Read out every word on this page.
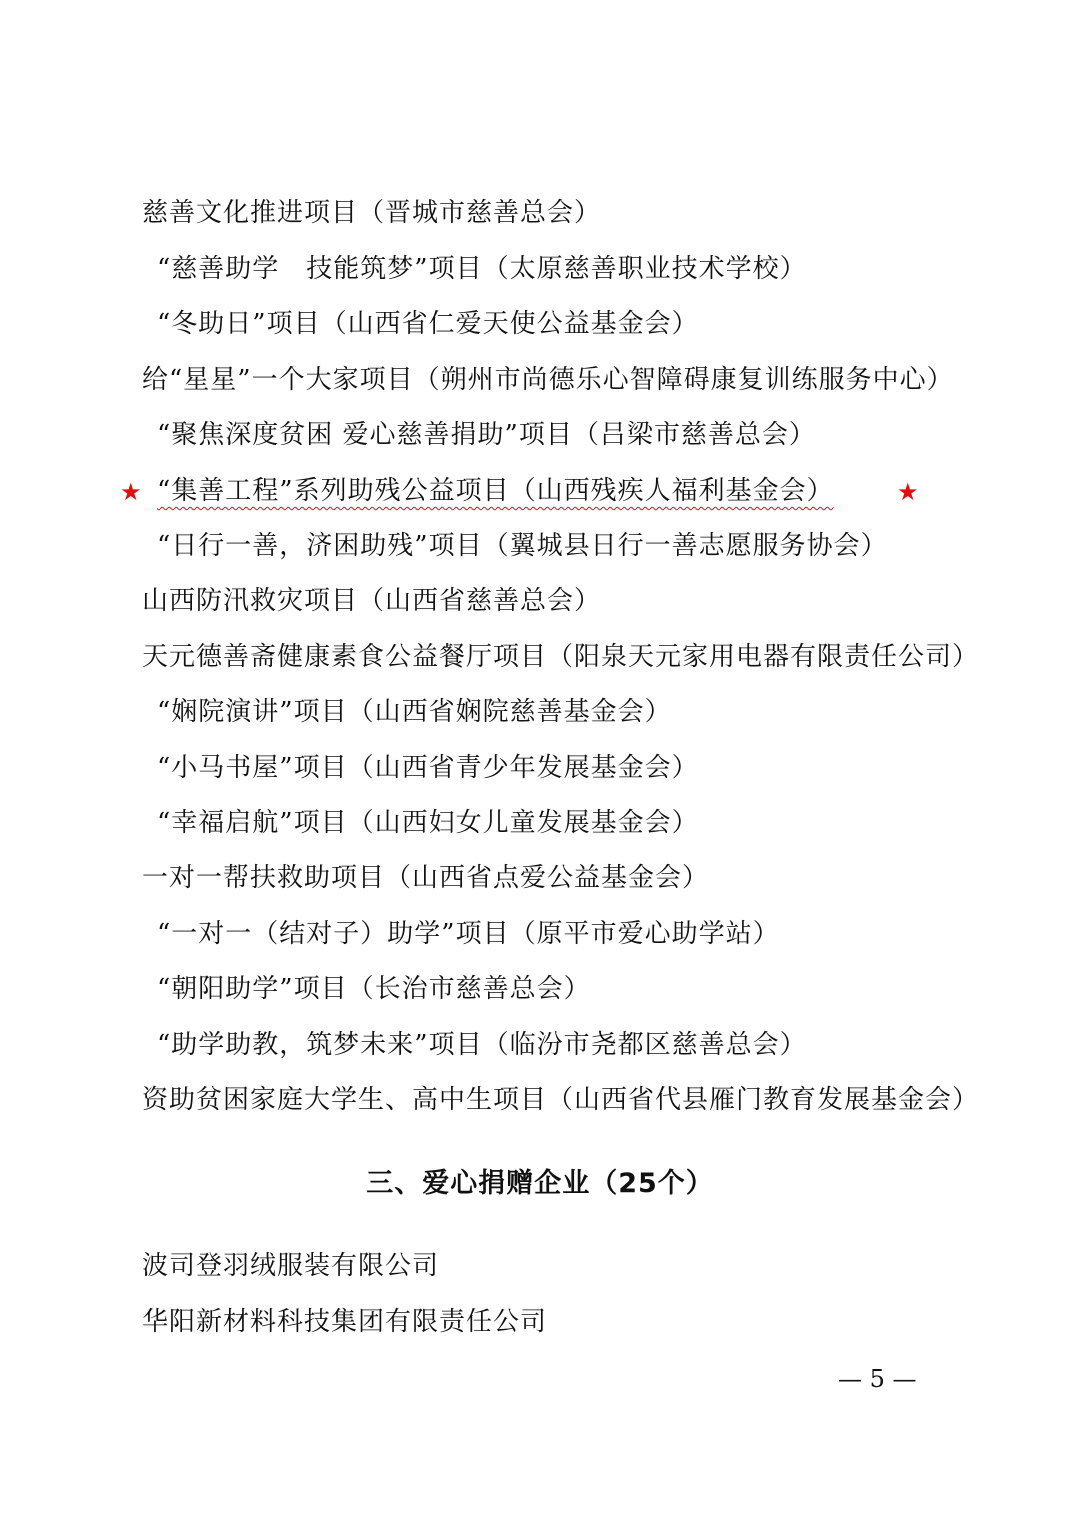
慈善文化推进项目（晋城市慈善总会）
“慈善助学　技能筑梦”项目（太原慈善职业技术学校）
“冬助日”项目（山西省仁爱天使公益基金会）
给“星星”一个大家项目（朔州市尚德乐心智障碍康复训练服务中心）
“聚焦深度贫困 爱心慈善捐助”项目（吕梁市慈善总会）
★ “集善工程”系列助残公益项目（山西残疾人福利基金会）	★
“日行一善，济困助残”项目（翼城县日行一善志愿服务协会）
山西防汛救灾项目（山西省慈善总会）
天元德善斋健康素食公益餐厅项目（阳泉天元家用电器有限责任公司）
“娴院演讲”项目（山西省娴院慈善基金会）
“小马书屋”项目（山西省青少年发展基金会）
“幸福启航”项目（山西妇女儿童发展基金会）
一对一帮扶救助项目（山西省点爱公益基金会）
“一对一（结对子）助学”项目（原平市爱心助学站）
“朝阳助学”项目（长治市慈善总会）
“助学助教，筑梦未来”项目（临汾市尧都区慈善总会）
资助贫困家庭大学生、高中生项目（山西省代县雁门教育发展基金会）
三、爱心捐赠企业（25个）
波司登羽绒服装有限公司
华阳新材料科技集团有限责任公司
— 5 —
